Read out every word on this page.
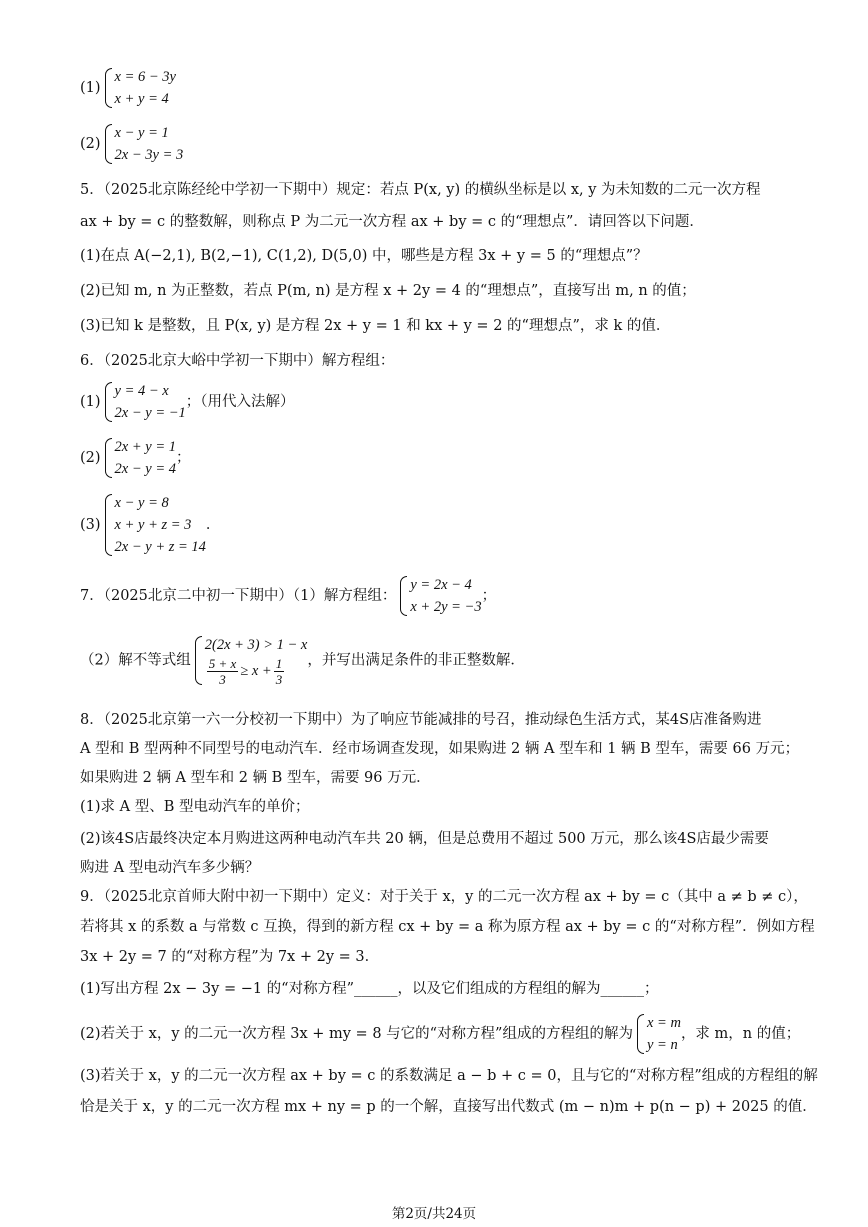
(1)
x = 6 − 3y
x + y = 4
(2)
x − y = 1
2x − 3y = 3
5．（2025北京陈经纶中学初一下期中）规定：若点 P(x, y) 的横纵坐标是以 x, y 为未知数的二元一次方程
ax + by = c 的整数解，则称点 P 为二元一次方程 ax + by = c 的“理想点”．请回答以下问题．
(1)在点 A(−2,1), B(2,−1), C(1,2), D(5,0) 中，哪些是方程 3x + y = 5 的“理想点”？
(2)已知 m, n 为正整数，若点 P(m, n) 是方程 x + 2y = 4 的“理想点”，直接写出 m, n 的值；
(3)已知 k 是整数，且 P(x, y) 是方程 2x + y = 1 和 kx + y = 2 的“理想点”，求 k 的值．
6．（2025北京大峪中学初一下期中）解方程组：
(1)
y = 4 − x
2x − y = −1
；（用代入法解）
(2)
2x + y = 1
2x − y = 4
；
(3)
x − y = 8
x + y + z = 3
2x − y + z = 14
．
7．（2025北京二中初一下期中）（1）解方程组：
y = 2x − 4
x + 2y = −3
；
（2）解不等式组
2(2x + 3) > 1 − x
$\frac{5 + x}{3} \ge x + \frac{1}{3}$ ，并写出满足条件的非正整数解．
8．（2025北京第一六一分校初一下期中）为了响应节能减排的号召，推动绿色生活方式，某4S店准备购进
A 型和 B 型两种不同型号的电动汽车．经市场调查发现，如果购进 2 辆 A 型车和 1 辆 B 型车，需要 66 万元；
如果购进 2 辆 A 型车和 2 辆 B 型车，需要 96 万元．
(1)求 A 型、B 型电动汽车的单价；
(2)该4S店最终决定本月购进这两种电动汽车共 20 辆，但是总费用不超过 500 万元，那么该4S店最少需要
购进 A 型电动汽车多少辆？
9．（2025北京首师大附中初一下期中）定义：对于关于 x，y 的二元一次方程 ax + by = c（其中 a ≠ b ≠ c），
若将其 x 的系数 a 与常数 c 互换，得到的新方程 cx + by = a 称为原方程 ax + by = c 的“对称方程”．例如方程
3x + 2y = 7 的“对称方程”为 7x + 2y = 3．
(1)写出方程 2x − 3y = −1 的“对称方程”______，以及它们组成的方程组的解为______；
(2)若关于 x，y 的二元一次方程 3x + my = 8 与它的“对称方程”组成的方程组的解为
x = m
y = n
，求 m，n 的值；
(3)若关于 x，y 的二元一次方程 ax + by = c 的系数满足 a − b + c = 0，且与它的“对称方程”组成的方程组的解
恰是关于 x，y 的二元一次方程 mx + ny = p 的一个解，直接写出代数式 (m − n)m + p(n − p) + 2025 的值．
第2页/共24页
